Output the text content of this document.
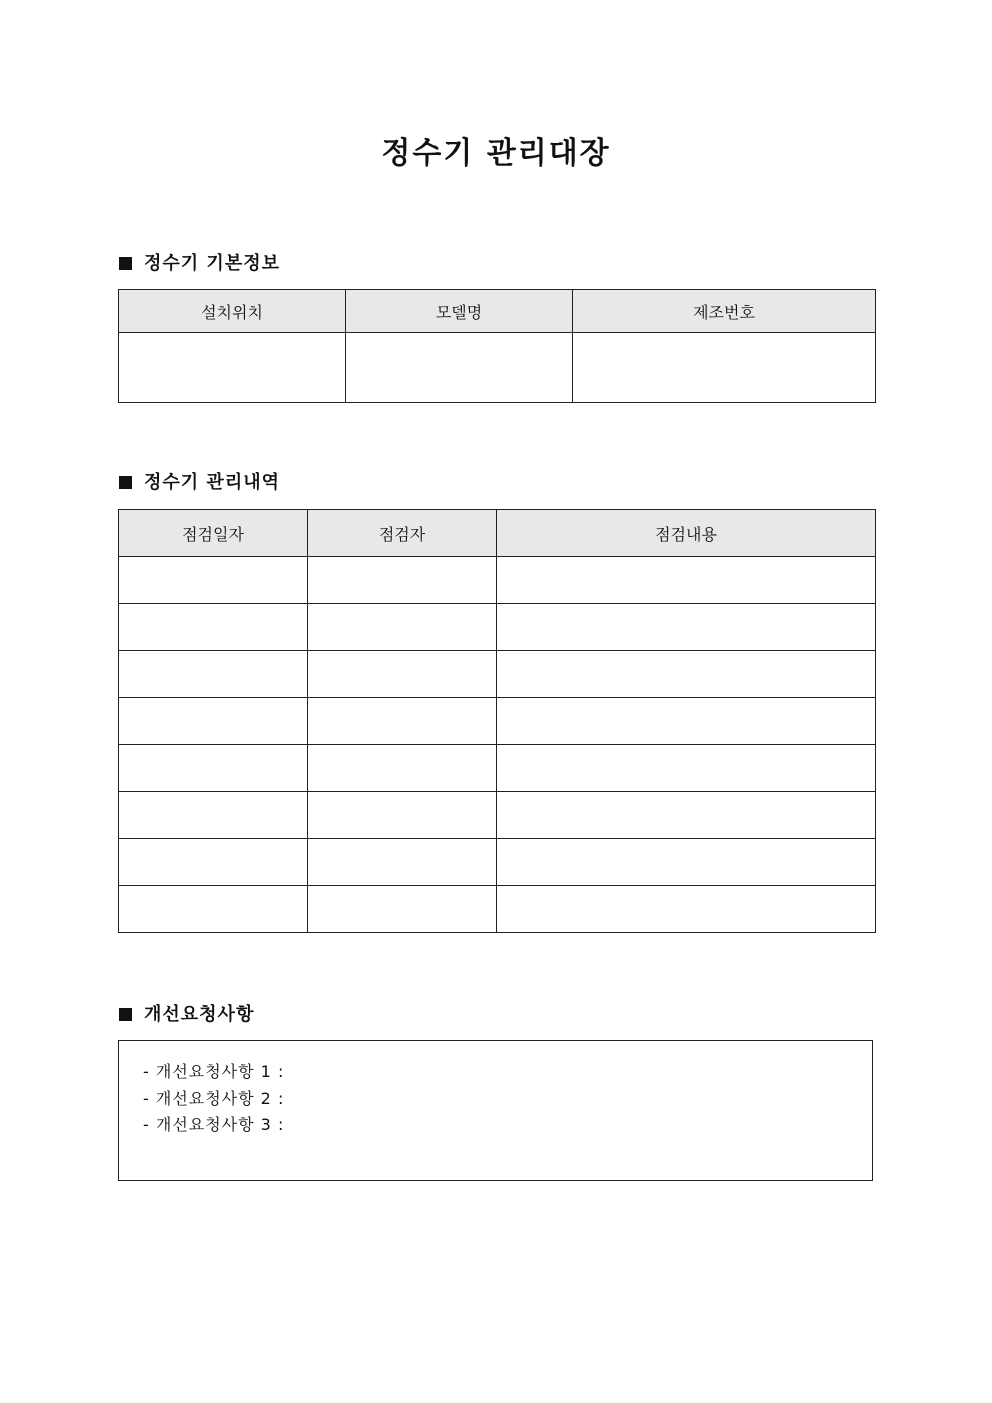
정수기 관리대장
정수기 기본정보
설치위치	모델명	제조번호

정수기 관리내역
점검일자	점검자	점검내용

개선요청사항
- 개선요청사항 1 :
- 개선요청사항 2 :
- 개선요청사항 3 :
